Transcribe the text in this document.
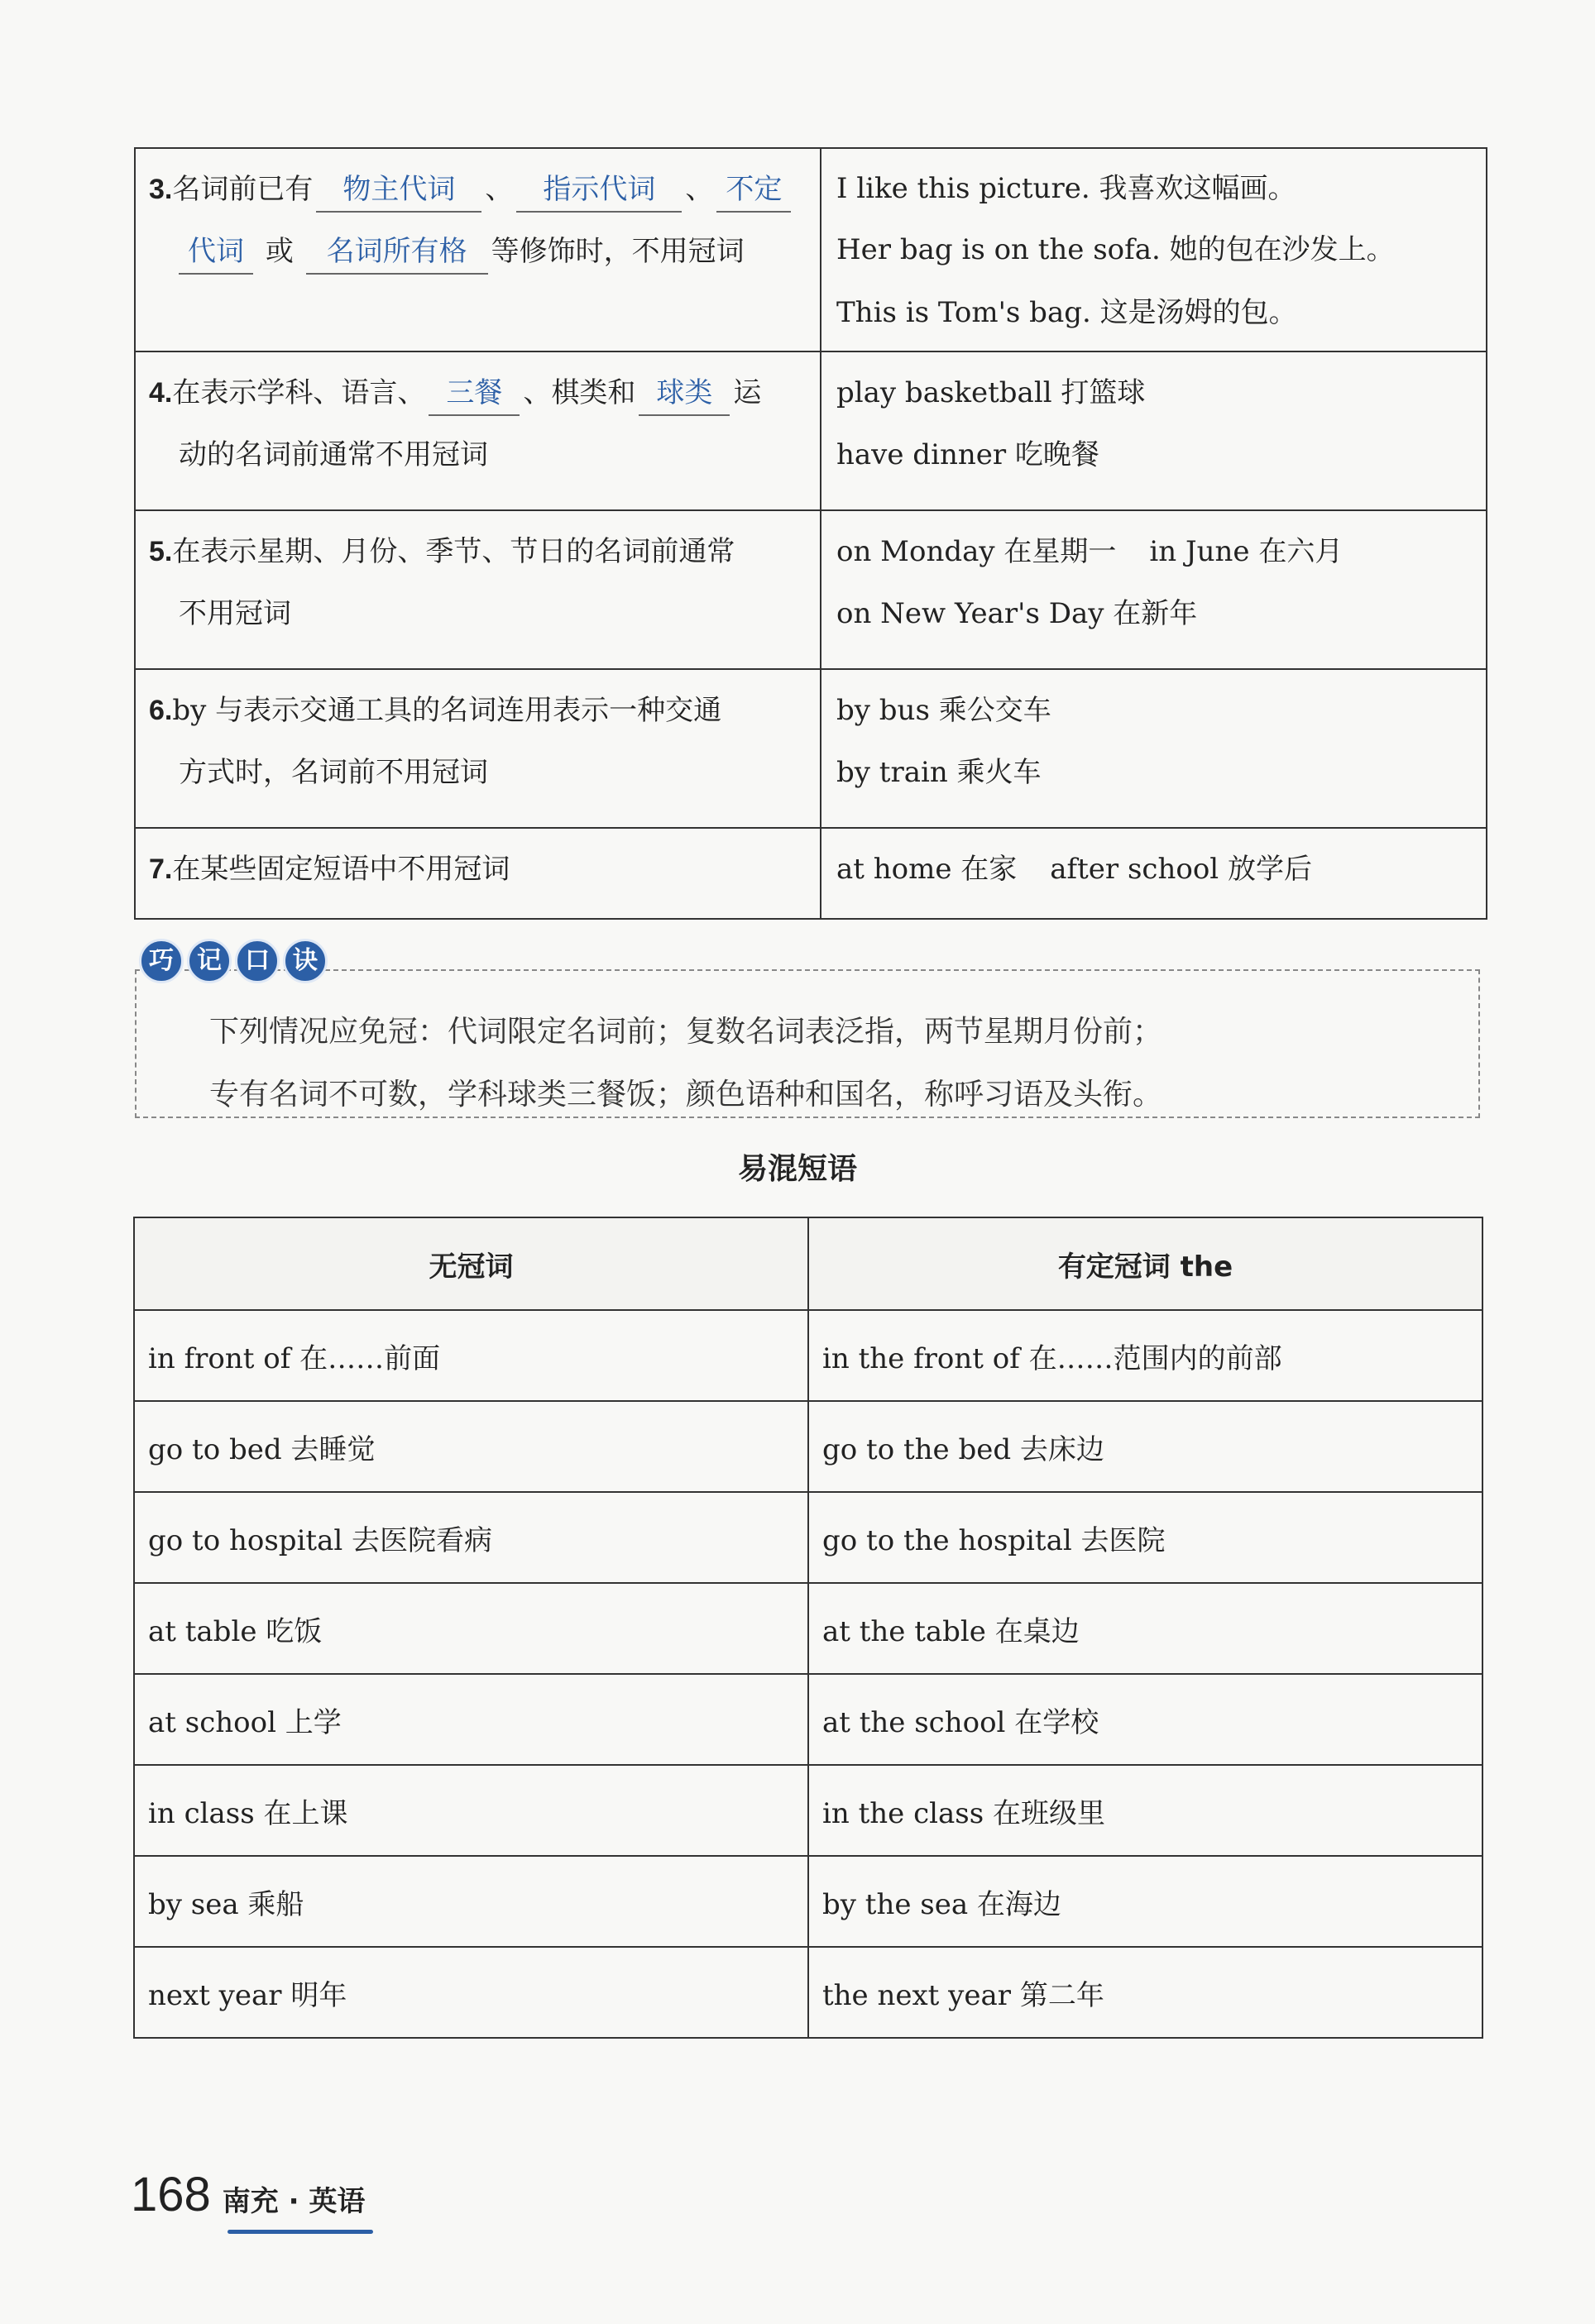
3.名词前已有 物主代词 、 指示代词 、 不定
代词 或 名词所有格 等修饰时，不用冠词	I like this picture. 我喜欢这幅画。
Her bag is on the sofa. 她的包在沙发上。
This is Tom's bag. 这是汤姆的包。

4.在表示学科、语言、 三餐 、棋类和 球类 运
动的名词前通常不用冠词	play basketball 打篮球
have dinner 吃晚餐

5.在表示星期、月份、季节、节日的名词前通常
不用冠词	on Monday 在星期一 in June 在六月
on New Year's Day 在新年

6.by 与表示交通工具的名词连用表示一种交通
方式时，名词前不用冠词	by bus 乘公交车
by train 乘火车

7.在某些固定短语中不用冠词	at home 在家 after school 放学后
下列情况应免冠：代词限定名词前；复数名词表泛指，两节星期月份前；
专有名词不可数，学科球类三餐饭；颜色语种和国名，称呼习语及头衔。
巧 记 口 诀
易混短语
无冠词	有定冠词 the
in front of 在……前面	in the front of 在……范围内的前部
go to bed 去睡觉	go to the bed 去床边
go to hospital 去医院看病	go to the hospital 去医院
at table 吃饭	at the table 在桌边
at school 上学	at the school 在学校
in class 在上课	in the class 在班级里
by sea 乘船	by the sea 在海边
next year 明年	the next year 第二年
168 南充 · 英语
